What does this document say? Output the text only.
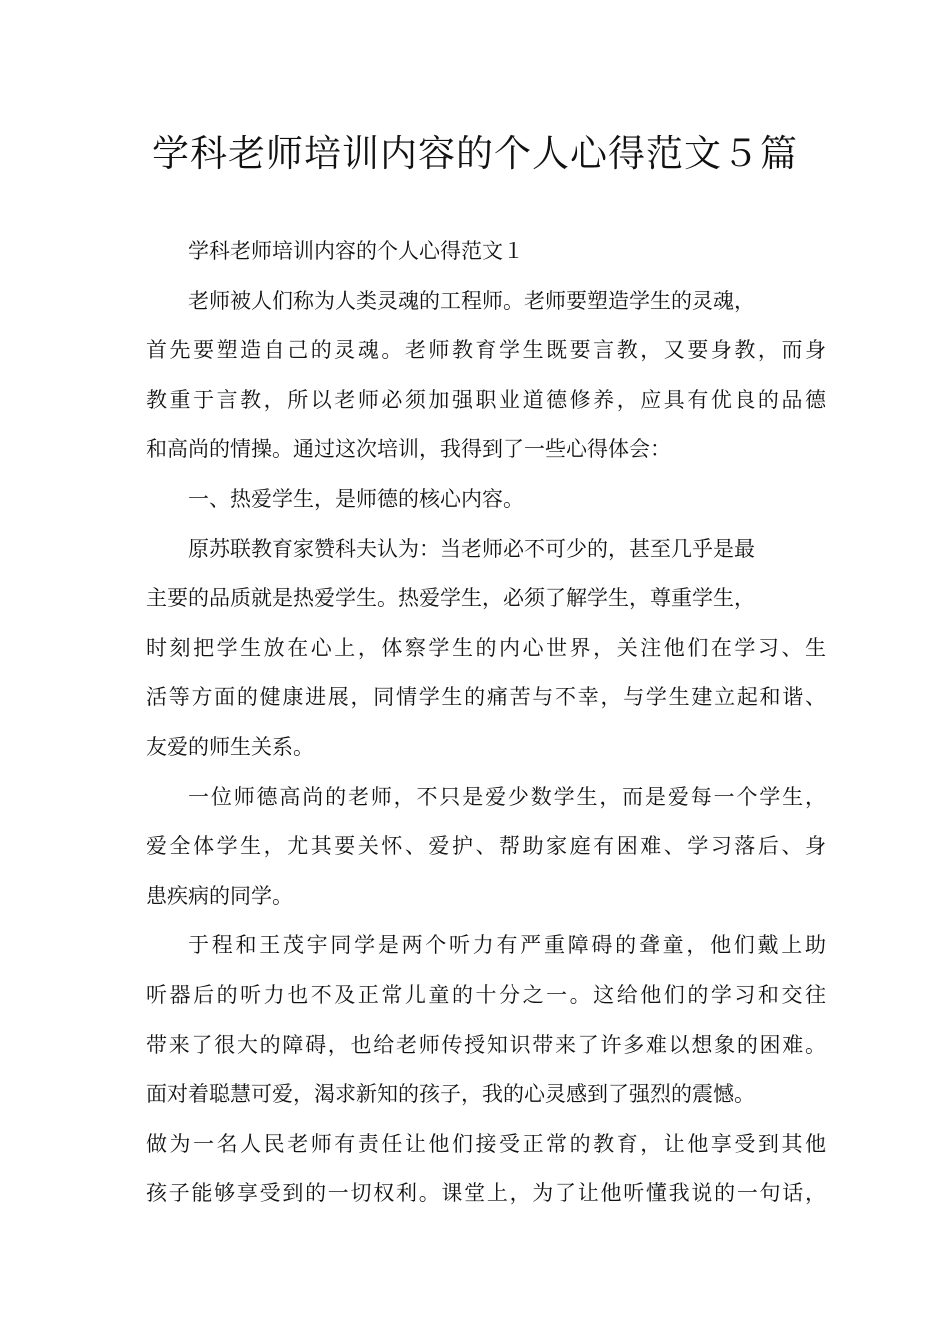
学科老师培训内容的个人心得范文５篇
学科老师培训内容的个人心得范文１
老师被人们称为人类灵魂的工程师。老师要塑造学生的灵魂，
首先要塑造自己的灵魂。老师教育学生既要言教，又要身教，而身
教重于言教，所以老师必须加强职业道德修养，应具有优良的品德
和高尚的情操。通过这次培训，我得到了一些心得体会：
一、热爱学生，是师德的核心内容。
原苏联教育家赞科夫认为：当老师必不可少的，甚至几乎是最
主要的品质就是热爱学生。热爱学生，必须了解学生，尊重学生，
时刻把学生放在心上，体察学生的内心世界，关注他们在学习、生
活等方面的健康进展，同情学生的痛苦与不幸，与学生建立起和谐、
友爱的师生关系。
一位师德高尚的老师，不只是爱少数学生，而是爱每一个学生，
爱全体学生，尤其要关怀、爱护、帮助家庭有困难、学习落后、身
患疾病的同学。
于程和王茂宇同学是两个听力有严重障碍的聋童，他们戴上助
听器后的听力也不及正常儿童的十分之一。这给他们的学习和交往
带来了很大的障碍，也给老师传授知识带来了许多难以想象的困难。
面对着聪慧可爱，渴求新知的孩子，我的心灵感到了强烈的震憾。
做为一名人民老师有责任让他们接受正常的教育，让他享受到其他
孩子能够享受到的一切权利。课堂上，为了让他听懂我说的一句话，
